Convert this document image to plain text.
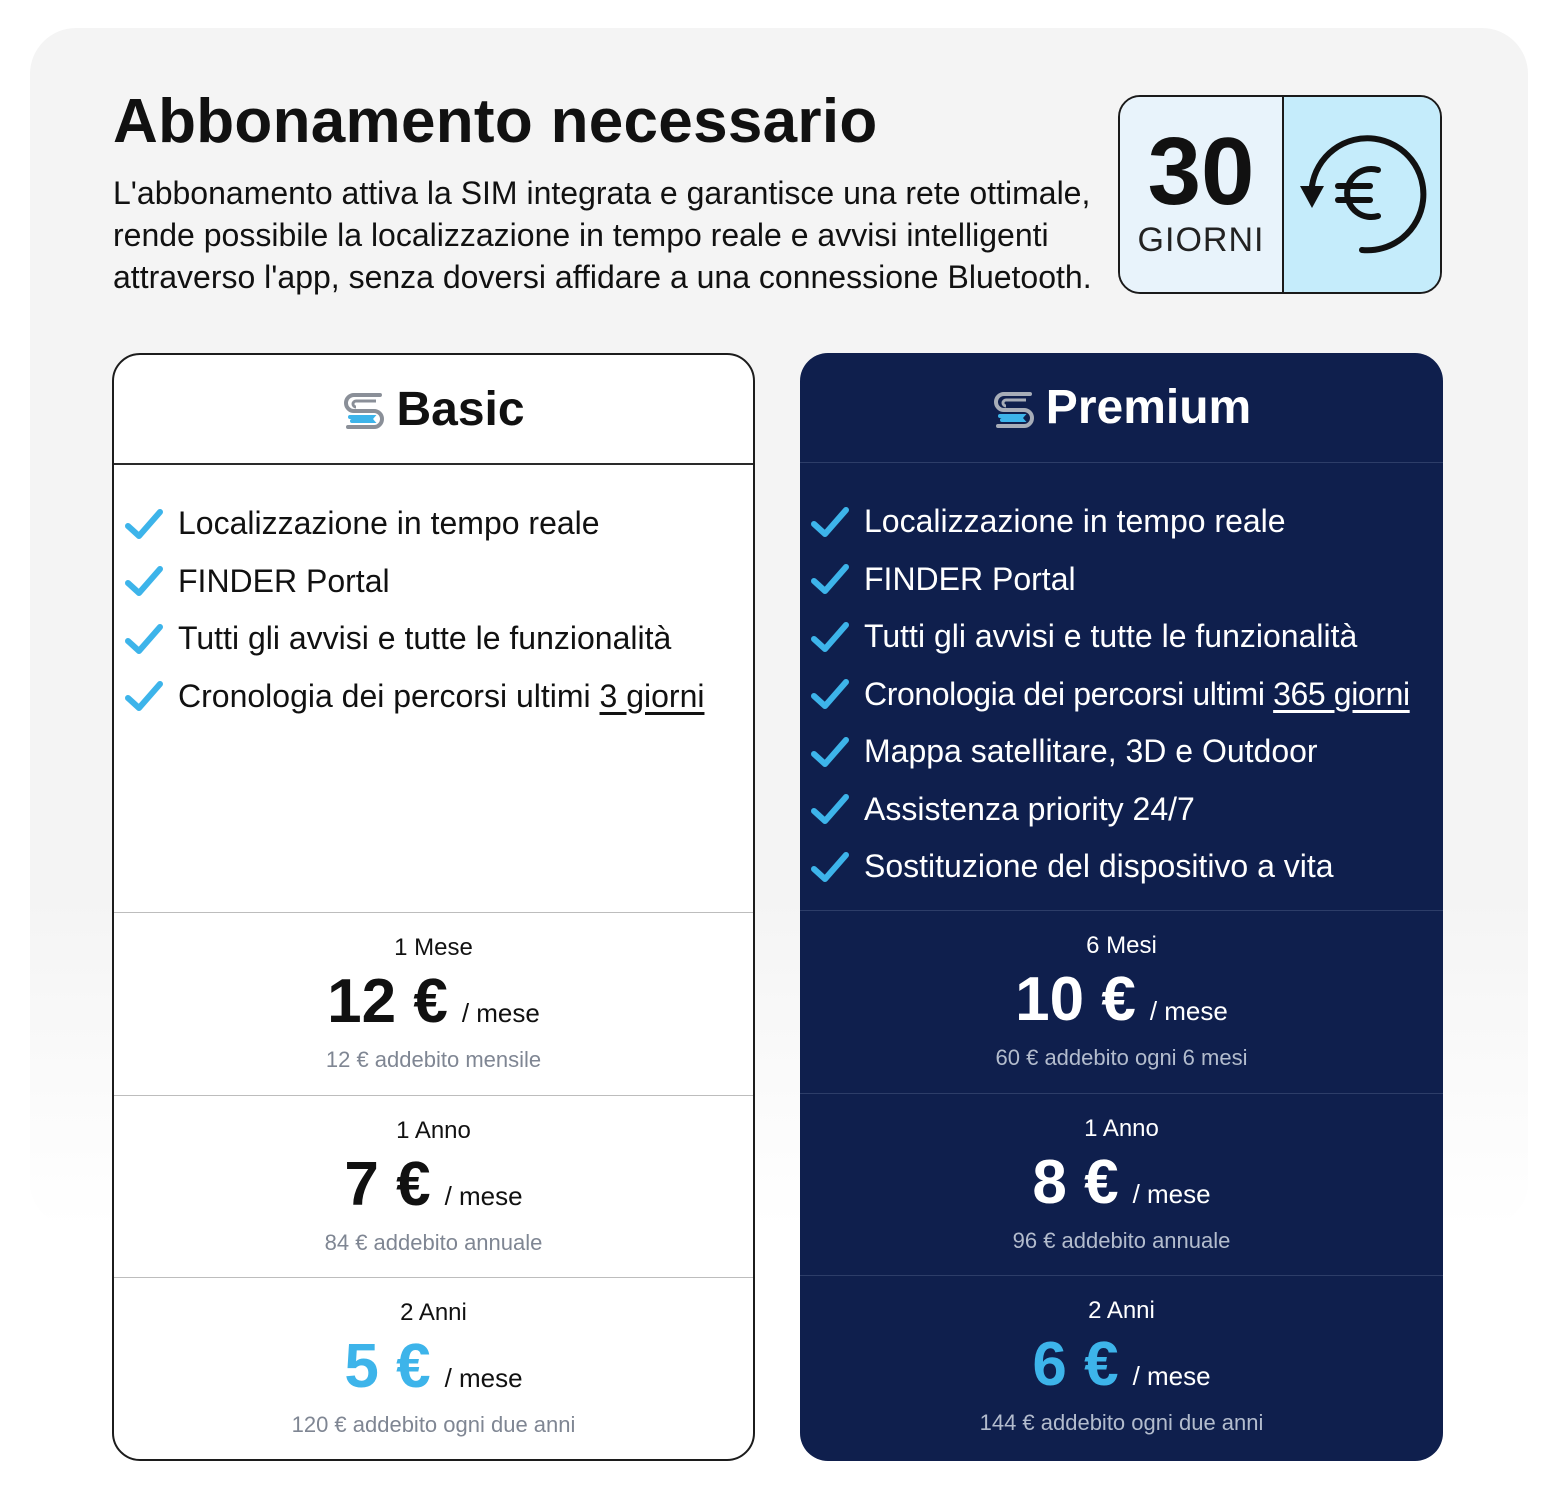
Abbonamento necessario

L'abbonamento attiva la SIM integrata e garantisce una rete ottimale, rende possibile la localizzazione in tempo reale e avvisi intelligenti attraverso l'app, senza doversi affidare a una connessione Bluetooth.

30
GIORNI
Basic
Localizzazione in tempo reale
FINDER Portal
Tutti gli avvisi e tutte le funzionalità
Cronologia dei percorsi ultimi 3 giorni
1 Mese
12 € / mese
12 € addebito mensile
1 Anno
7 € / mese
84 € addebito annuale
2 Anni
5 € / mese
120 € addebito ogni due anni
Premium
Localizzazione in tempo reale
FINDER Portal
Tutti gli avvisi e tutte le funzionalità
Cronologia dei percorsi ultimi 365 giorni
Mappa satellitare, 3D e Outdoor
Assistenza priority 24/7
Sostituzione del dispositivo a vita
6 Mesi
10 € / mese
60 € addebito ogni 6 mesi
1 Anno
8 € / mese
96 € addebito annuale
2 Anni
6 € / mese
144 € addebito ogni due anni
